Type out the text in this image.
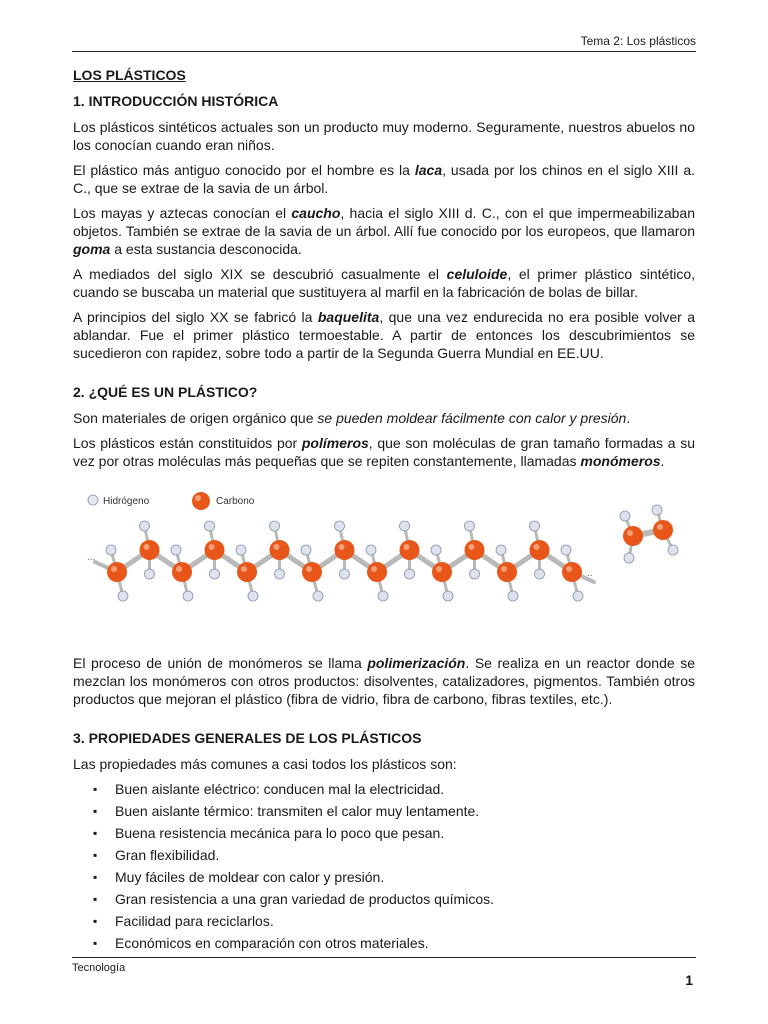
Tema 2: Los plásticos
LOS PLÁSTICOS
1. INTRODUCCIÓN HISTÓRICA

Los plásticos sintéticos actuales son un producto muy moderno. Seguramente, nuestros abuelos no los conocían cuando eran niños.

El plástico más antiguo conocido por el hombre es la laca, usada por los chinos en el siglo XIII a. C., que se extrae de la savia de un árbol.

Los mayas y aztecas conocían el caucho, hacia el siglo XIII d. C., con el que impermeabilizaban objetos. También se extrae de la savia de un árbol. Allí fue conocido por los europeos, que llamaron goma a esta sustancia desconocida.

A mediados del siglo XIX se descubrió casualmente el celuloide, el primer plástico sintético, cuando se buscaba un material que sustituyera al marfil en la fabricación de bolas de billar.

A principios del siglo XX se fabricó la baquelita, que una vez endurecida no era posible volver a ablandar. Fue el primer plástico termoestable. A partir de entonces los descubrimientos se sucedieron con rapidez, sobre todo a partir de la Segunda Guerra Mundial en EE.UU.

2. ¿QUÉ ES UN PLÁSTICO?

Son materiales de origen orgánico que se pueden moldear fácilmente con calor y presión.

Los plásticos están constituidos por polímeros, que son moléculas de gran tamaño formadas a su vez por otras moléculas más pequeñas que se repiten constantemente, llamadas monómeros.

...
..
Hidrógeno	Carbono

El proceso de unión de monómeros se llama polimerización. Se realiza en un reactor donde se mezclan los monómeros con otros productos: disolventes, catalizadores, pigmentos. También otros productos que mejoran el plástico (fibra de vidrio, fibra de carbono, fibras textiles, etc.).

3. PROPIEDADES GENERALES DE LOS PLÁSTICOS

Las propiedades más comunes a casi todos los plásticos son:

▪ Buen aislante eléctrico: conducen mal la electricidad.
▪ Buen aislante térmico: transmiten el calor muy lentamente.
▪ Buena resistencia mecánica para lo poco que pesan.
▪ Gran flexibilidad.
▪ Muy fáciles de moldear con calor y presión.
▪ Gran resistencia a una gran variedad de productos químicos.
▪ Facilidad para reciclarlos.
▪ Económicos en comparación con otros materiales.
Tecnología
1
